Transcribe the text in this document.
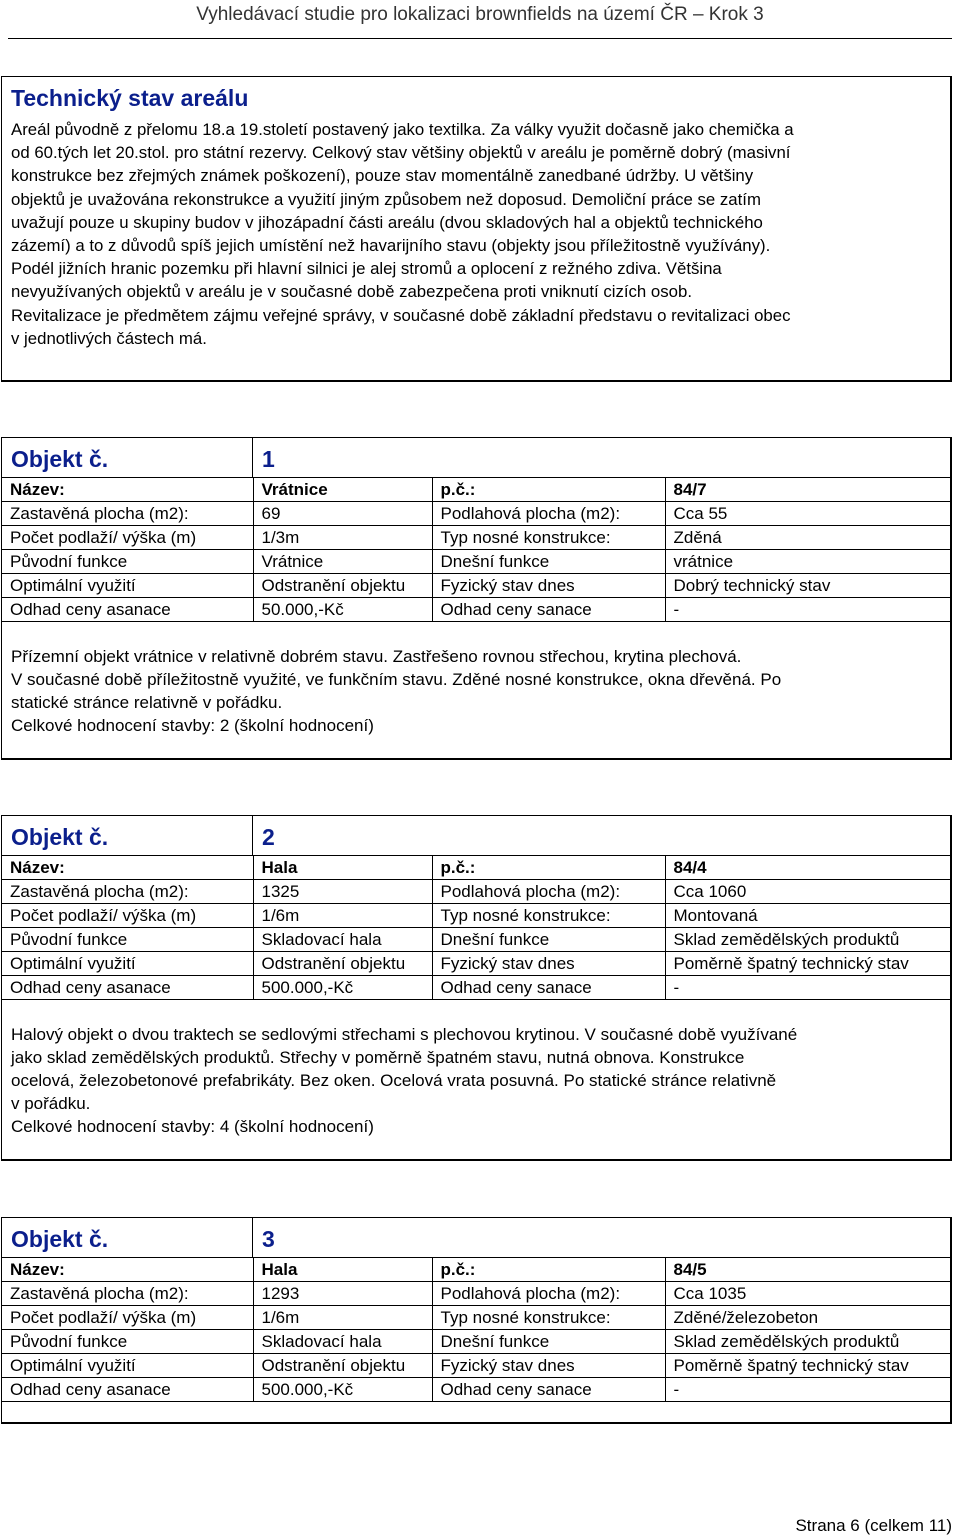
Vyhledávací studie pro lokalizaci brownfields na území ČR – Krok 3
Technický stav areálu
Areál původně z přelomu 18.a 19.století postavený jako textilka. Za války využit dočasně jako chemička a
od 60.tých let 20.stol. pro státní rezervy. Celkový stav většiny objektů v areálu je poměrně dobrý (masivní
konstrukce bez zřejmých známek poškození), pouze stav momentálně zanedbané údržby. U většiny
objektů je uvažována rekonstrukce a využití jiným způsobem než doposud. Demoliční práce se zatím
uvažují pouze u skupiny budov v jihozápadní části areálu (dvou skladových hal a objektů technického
zázemí) a to z důvodů spíš jejich umístění než havarijního stavu (objekty jsou příležitostně využívány).
Podél jižních hranic pozemku při hlavní silnici je alej stromů a oplocení z režného zdiva. Většina
nevyužívaných objektů v areálu je v současné době zabezpečena proti vniknutí cizích osob.
Revitalizace je předmětem zájmu veřejné správy, v současné době základní představu o revitalizaci obec
v jednotlivých částech má.
Objekt č.	1
Název:	Vrátnice	p.č.:	84/7
Zastavěná plocha (m2):	69	Podlahová plocha (m2):	Cca 55
Počet podlaží/ výška (m)	1/3m	Typ nosné konstrukce:	Zděná
Původní funkce	Vrátnice	Dnešní funkce	vrátnice
Optimální využití	Odstranění objektu	Fyzický stav dnes	Dobrý technický stav
Odhad ceny asanace	50.000,-Kč	Odhad ceny sanace	-
Přízemní objekt vrátnice v relativně dobrém stavu. Zastřešeno rovnou střechou, krytina plechová.
V současné době příležitostně využité, ve funkčním stavu. Zděné nosné konstrukce, okna dřevěná. Po
statické stránce relativně v pořádku.
Celkové hodnocení stavby: 2 (školní hodnocení)
Objekt č.	2
Název:	Hala	p.č.:	84/4
Zastavěná plocha (m2):	1325	Podlahová plocha (m2):	Cca 1060
Počet podlaží/ výška (m)	1/6m	Typ nosné konstrukce:	Montovaná
Původní funkce	Skladovací hala	Dnešní funkce	Sklad zemědělských produktů
Optimální využití	Odstranění objektu	Fyzický stav dnes	Poměrně špatný technický stav
Odhad ceny asanace	500.000,-Kč	Odhad ceny sanace	-
Halový objekt o dvou traktech se sedlovými střechami s plechovou krytinou. V současné době využívané
jako sklad zemědělských produktů. Střechy v poměrně špatném stavu, nutná obnova. Konstrukce
ocelová, železobetonové prefabrikáty. Bez oken. Ocelová vrata posuvná. Po statické stránce relativně
v pořádku.
Celkové hodnocení stavby: 4 (školní hodnocení)
Objekt č.	3
Název:	Hala	p.č.:	84/5
Zastavěná plocha (m2):	1293	Podlahová plocha (m2):	Cca 1035
Počet podlaží/ výška (m)	1/6m	Typ nosné konstrukce:	Zděné/železobeton
Původní funkce	Skladovací hala	Dnešní funkce	Sklad zemědělských produktů
Optimální využití	Odstranění objektu	Fyzický stav dnes	Poměrně špatný technický stav
Odhad ceny asanace	500.000,-Kč	Odhad ceny sanace	-
Strana 6 (celkem 11)
